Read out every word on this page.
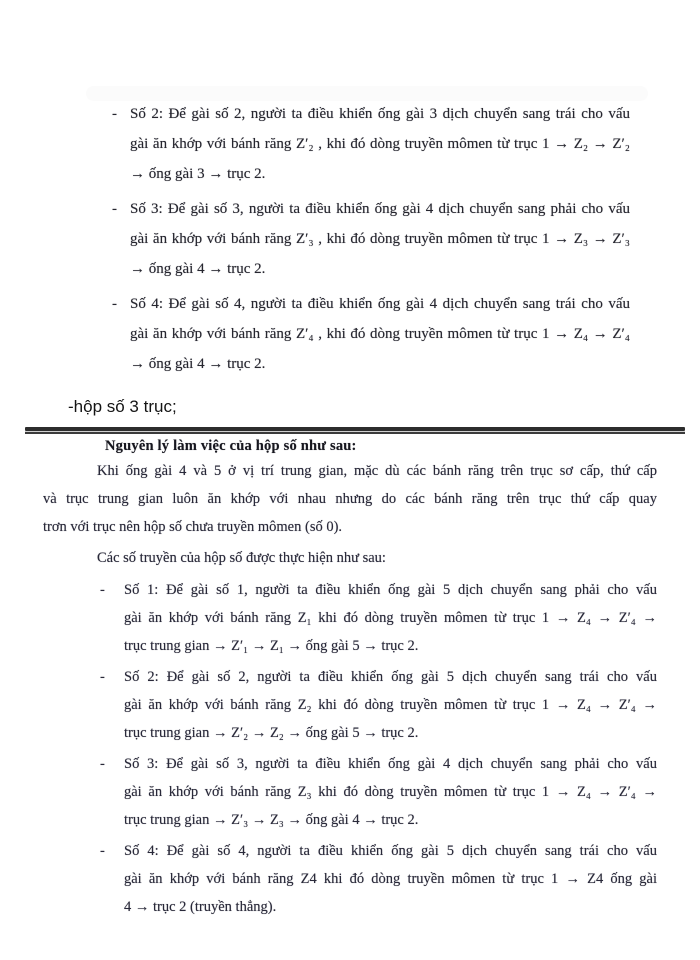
- Số 2: Để gài số 2, người ta điều khiển ống gài 3 dịch chuyển sang trái cho vấu
gài ăn khớp với bánh răng Z′₂ , khi đó dòng truyền mômen từ trục 1 → Z₂ → Z′₂
→ ống gài 3 → trục 2.
- Số 3: Để gài số 3, người ta điều khiển ống gài 4 dịch chuyển sang phải cho vấu
gài ăn khớp với bánh răng Z′₃ , khi đó dòng truyền mômen từ trục 1 → Z₃ → Z′₃
→ ống gài 4 → trục 2.
- Số 4: Để gài số 4, người ta điều khiển ống gài 4 dịch chuyển sang trái cho vấu
gài ăn khớp với bánh răng Z′₄ , khi đó dòng truyền mômen từ trục 1 → Z₄ → Z′₄
→ ống gài 4 → trục 2.
-hộp số 3 trục;
Nguyên lý làm việc của hộp số như sau:
Khi ống gài 4 và 5 ở vị trí trung gian, mặc dù các bánh răng trên trục sơ cấp, thứ cấp
và trục trung gian luôn ăn khớp với nhau nhưng do các bánh răng trên trục thứ cấp quay
trơn với trục nên hộp số chưa truyền mômen (số 0).
Các số truyền của hộp số được thực hiện như sau:
-	Số 1: Để gài số 1, người ta điều khiển ống gài 5 dịch chuyển sang phải cho vấu
gài ăn khớp với bánh răng Z₁ khi đó dòng truyền mômen từ trục 1 → Z₄ → Z′₄ →
trục trung gian → Z′₁ → Z₁ → ống gài 5 → trục 2.
-	Số 2: Để gài số 2, người ta điều khiển ống gài 5 dịch chuyển sang trái cho vấu
gài ăn khớp với bánh răng Z₂ khi đó dòng truyền mômen từ trục 1 → Z₄ → Z′₄ →
trục trung gian → Z′₂ → Z₂ → ống gài 5 → trục 2.
-	Số 3: Để gài số 3, người ta điều khiển ống gài 4 dịch chuyển sang phải cho vấu
gài ăn khớp với bánh răng Z₃ khi đó dòng truyền mômen từ trục 1 → Z₄ → Z′₄ →
trục trung gian → Z′₃ → Z₃ → ống gài 4 → trục 2.
-	Số 4: Để gài số 4, người ta điều khiển ống gài 5 dịch chuyển sang trái cho vấu
gài ăn khớp với bánh răng Z4 khi đó dòng truyền mômen từ trục 1 → Z4 ống gài
4 → trục 2 (truyền thẳng).
